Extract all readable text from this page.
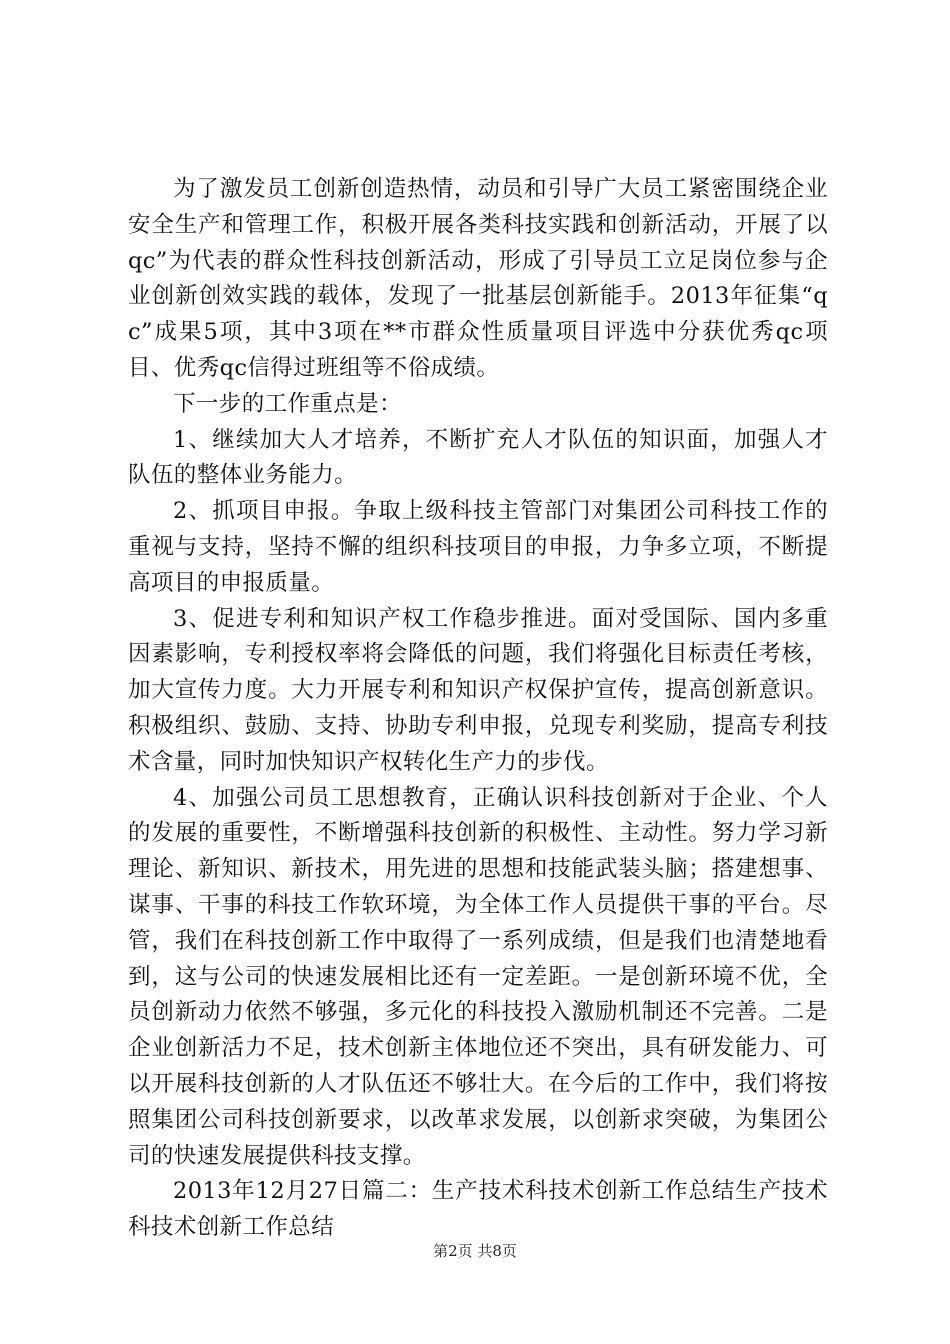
为了激发员工创新创造热情，动员和引导广大员工紧密围绕企业安全生产和管理工作，积极开展各类科技实践和创新活动，开展了以qc”为代表的群众性科技创新活动，形成了引导员工立足岗位参与企业创新创效实践的载体，发现了一批基层创新能手。2013年征集“qc”成果5项，其中3项在**市群众性质量项目评选中分获优秀qc项目、优秀qc信得过班组等不俗成绩。

下一步的工作重点是：

1、继续加大人才培养，不断扩充人才队伍的知识面，加强人才队伍的整体业务能力。

2、抓项目申报。争取上级科技主管部门对集团公司科技工作的重视与支持，坚持不懈的组织科技项目的申报，力争多立项，不断提高项目的申报质量。

3、促进专利和知识产权工作稳步推进。面对受国际、国内多重因素影响，专利授权率将会降低的问题，我们将强化目标责任考核，加大宣传力度。大力开展专利和知识产权保护宣传，提高创新意识。积极组织、鼓励、支持、协助专利申报，兑现专利奖励，提高专利技术含量，同时加快知识产权转化生产力的步伐。

4、加强公司员工思想教育，正确认识科技创新对于企业、个人的发展的重要性，不断增强科技创新的积极性、主动性。努力学习新理论、新知识、新技术，用先进的思想和技能武装头脑；搭建想事、谋事、干事的科技工作软环境，为全体工作人员提供干事的平台。尽管，我们在科技创新工作中取得了一系列成绩，但是我们也清楚地看到，这与公司的快速发展相比还有一定差距。一是创新环境不优，全员创新动力依然不够强，多元化的科技投入激励机制还不完善。二是企业创新活力不足，技术创新主体地位还不突出，具有研发能力、可以开展科技创新的人才队伍还不够壮大。在今后的工作中，我们将按照集团公司科技创新要求，以改革求发展，以创新求突破，为集团公司的快速发展提供科技支撑。

2013年12月27日篇二：生产技术科技术创新工作总结生产技术科技术创新工作总结

第2页 共8页
